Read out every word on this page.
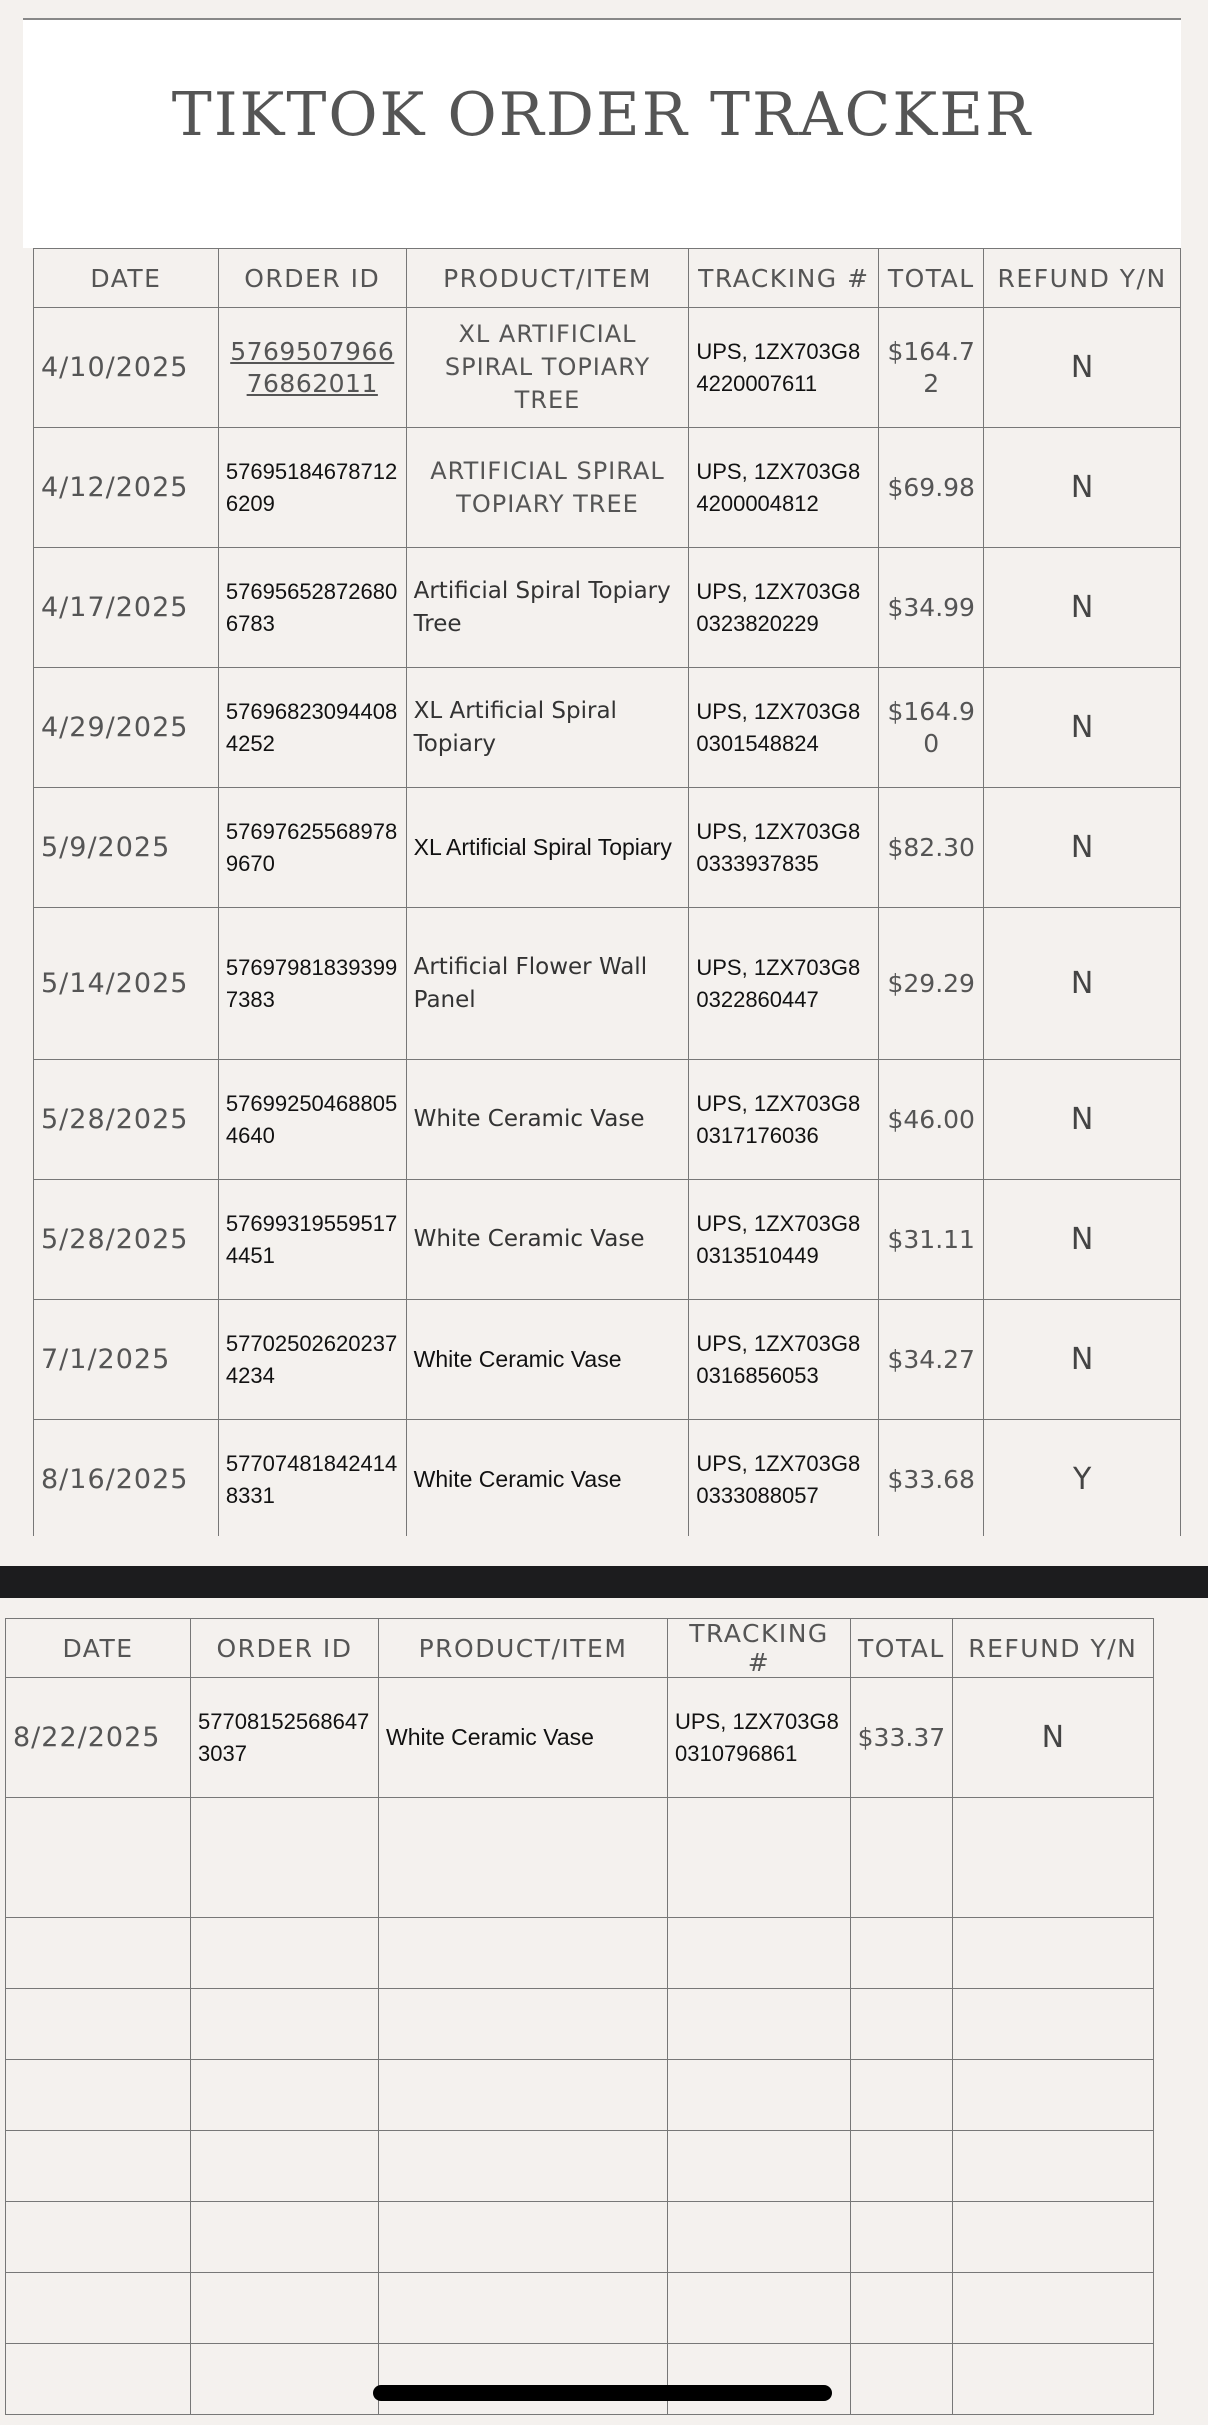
TIKTOK ORDER TRACKER
DATE	ORDER ID	PRODUCT/ITEM	TRACKING #	TOTAL	REFUND Y/N
4/10/2025	576950796676862011	XL ARTIFICIAL SPIRAL TOPIARY TREE	UPS, 1ZX703G84220007611	$164.72	N
4/12/2025	576951846787126209	ARTIFICIAL SPIRAL TOPIARY TREE	UPS, 1ZX703G84200004812	$69.98	N
4/17/2025	576956528726806783	Artificial Spiral Topiary Tree	UPS, 1ZX703G80323820229	$34.99	N
4/29/2025	576968230944084252	XL Artificial Spiral Topiary	UPS, 1ZX703G80301548824	$164.90	N
5/9/2025	576976255689789670	XL Artificial Spiral Topiary	UPS, 1ZX703G80333937835	$82.30	N
5/14/2025	576979818393997383	Artificial Flower Wall Panel	UPS, 1ZX703G80322860447	$29.29	N
5/28/2025	576992504688054640	White Ceramic Vase	UPS, 1ZX703G80317176036	$46.00	N
5/28/2025	576993195595174451	White Ceramic Vase	UPS, 1ZX703G80313510449	$31.11	N
7/1/2025	577025026202374234	White Ceramic Vase	UPS, 1ZX703G80316856053	$34.27	N
8/16/2025	577074818424148331	White Ceramic Vase	UPS, 1ZX703G80333088057	$33.68	Y

DATE	ORDER ID	PRODUCT/ITEM	TRACKING #	TOTAL	REFUND Y/N
8/22/2025	577081525686473037	White Ceramic Vase	UPS, 1ZX703G80310796861	$33.37	N
